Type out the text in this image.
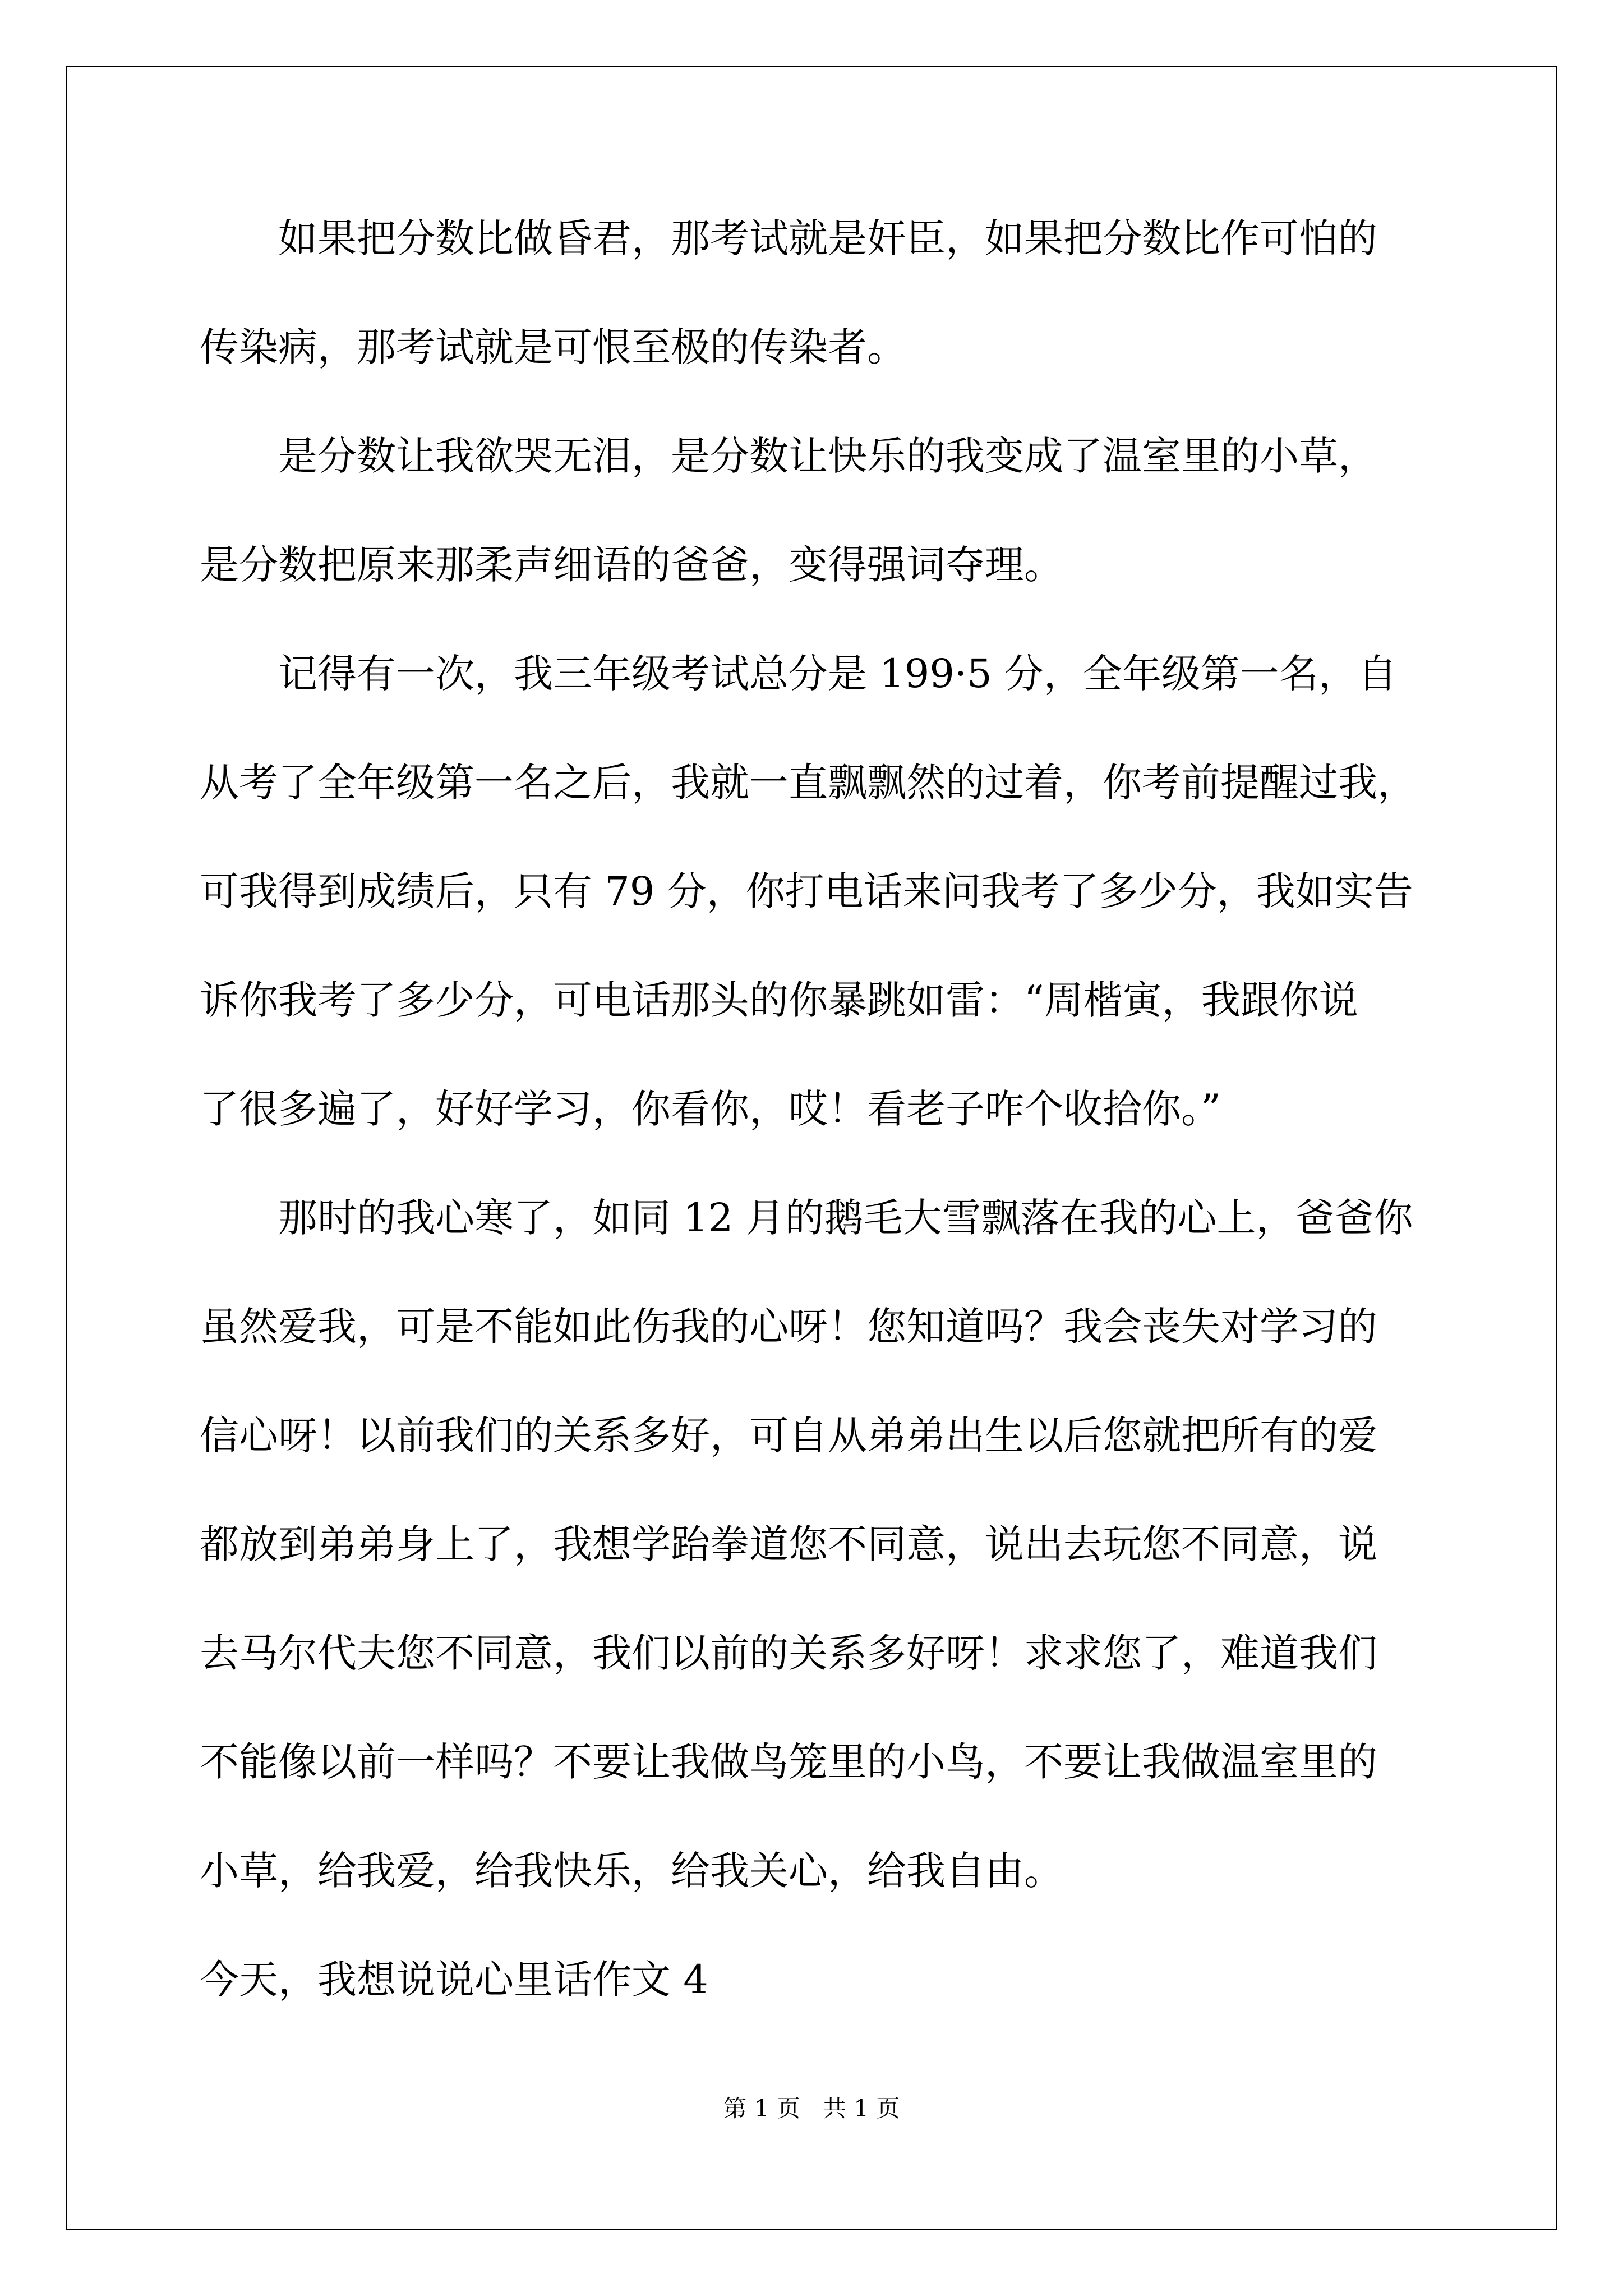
如果把分数比做昏君，那考试就是奸臣，如果把分数比作可怕的
传染病，那考试就是可恨至极的传染者。
是分数让我欲哭无泪，是分数让快乐的我变成了温室里的小草，
是分数把原来那柔声细语的爸爸，变得强词夺理。
记得有一次，我三年级考试总分是 199·5 分，全年级第一名，自
从考了全年级第一名之后，我就一直飘飘然的过着，你考前提醒过我，
可我得到成绩后，只有 79 分，你打电话来问我考了多少分，我如实告
诉你我考了多少分，可电话那头的你暴跳如雷：“周楷寅，我跟你说
了很多遍了，好好学习，你看你，哎！看老子咋个收拾你。”
那时的我心寒了，如同 12 月的鹅毛大雪飘落在我的心上，爸爸你
虽然爱我，可是不能如此伤我的心呀！您知道吗？我会丧失对学习的
信心呀！以前我们的关系多好，可自从弟弟出生以后您就把所有的爱
都放到弟弟身上了，我想学跆拳道您不同意，说出去玩您不同意，说
去马尔代夫您不同意，我们以前的关系多好呀！求求您了，难道我们
不能像以前一样吗？不要让我做鸟笼里的小鸟，不要让我做温室里的
小草，给我爱，给我快乐，给我关心，给我自由。
今天，我想说说心里话作文 4
第 1 页   共 1 页
